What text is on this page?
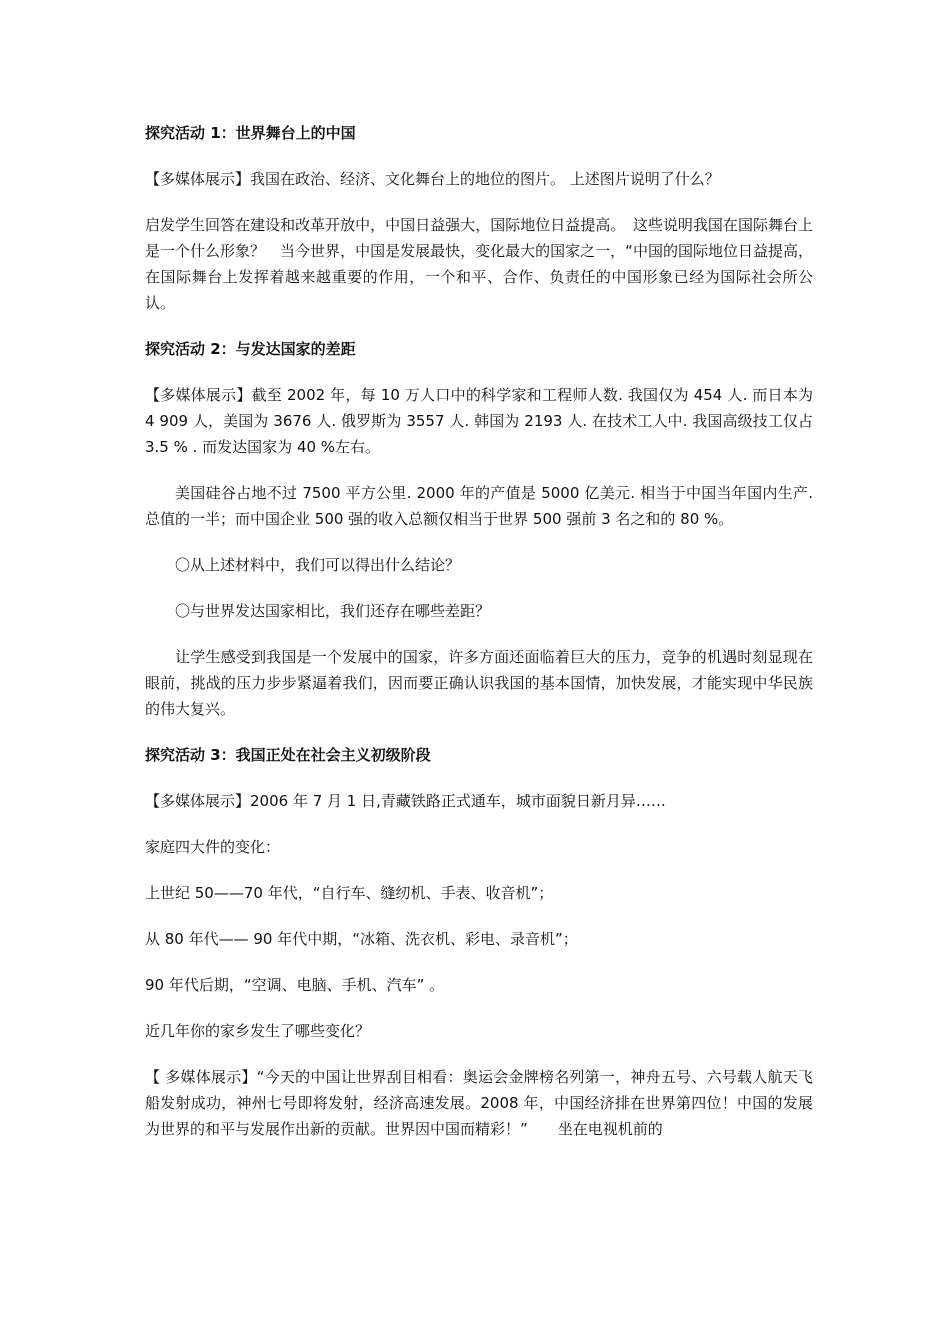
探究活动 1：世界舞台上的中国
【多媒体展示】我国在政治、经济、文化舞台上的地位的图片。 上述图片说明了什么？
启发学生回答在建设和改革开放中，中国日益强大，国际地位日益提高。　这些说明我国在国际舞台上是一个什么形象？　当今世界，中国是发展最快，变化最大的国家之一，“中国的国际地位日益提高，在国际舞台上发挥着越来越重要的作用，一个和平、合作、负责任的中国形象已经为国际社会所公认。
探究活动 2：与发达国家的差距
【多媒体展示】截至 2002 年，每 10 万人口中的科学家和工程师人数. 我国仅为 454 人. 而日本为 4 909 人，美国为 3676 人. 俄罗斯为 3557 人. 韩国为 2193 人. 在技术工人中. 我国高级技工仅占 3.5 % . 而发达国家为 40 %左右。
美国硅谷占地不过 7500 平方公里. 2000 年的产值是 5000 亿美元. 相当于中国当年国内生产. 总值的一半；而中国企业 500 强的收入总额仅相当于世界 500 强前 3 名之和的 80 %。
〇从上述材料中，我们可以得出什么结论？
〇与世界发达国家相比，我们还存在哪些差距？
让学生感受到我国是一个发展中的国家，许多方面还面临着巨大的压力，竞争的机遇时刻显现在眼前，挑战的压力步步紧逼着我们，因而要正确认识我国的基本国情，加快发展，才能实现中华民族的伟大复兴。
探究活动 3：我国正处在社会主义初级阶段
【多媒体展示】2006 年 7 月 1 日,青藏铁路正式通车，城市面貌日新月异……
家庭四大件的变化：
上世纪 50——70 年代，“自行车、缝纫机、手表、收音机”；
从 80 年代—— 90 年代中期，“冰箱、洗衣机、彩电、录音机”；
90 年代后期，“空调、电脑、手机、汽车” 。
近几年你的家乡发生了哪些变化？
【 多媒体展示】“今天的中国让世界刮目相看：奥运会金牌榜名列第一，神舟五号、六号载人航天飞船发射成功，神州七号即将发射，经济高速发展。2008 年，中国经济排在世界第四位！中国的发展为世界的和平与发展作出新的贡献。世界因中国而精彩！”　　坐在电视机前的
